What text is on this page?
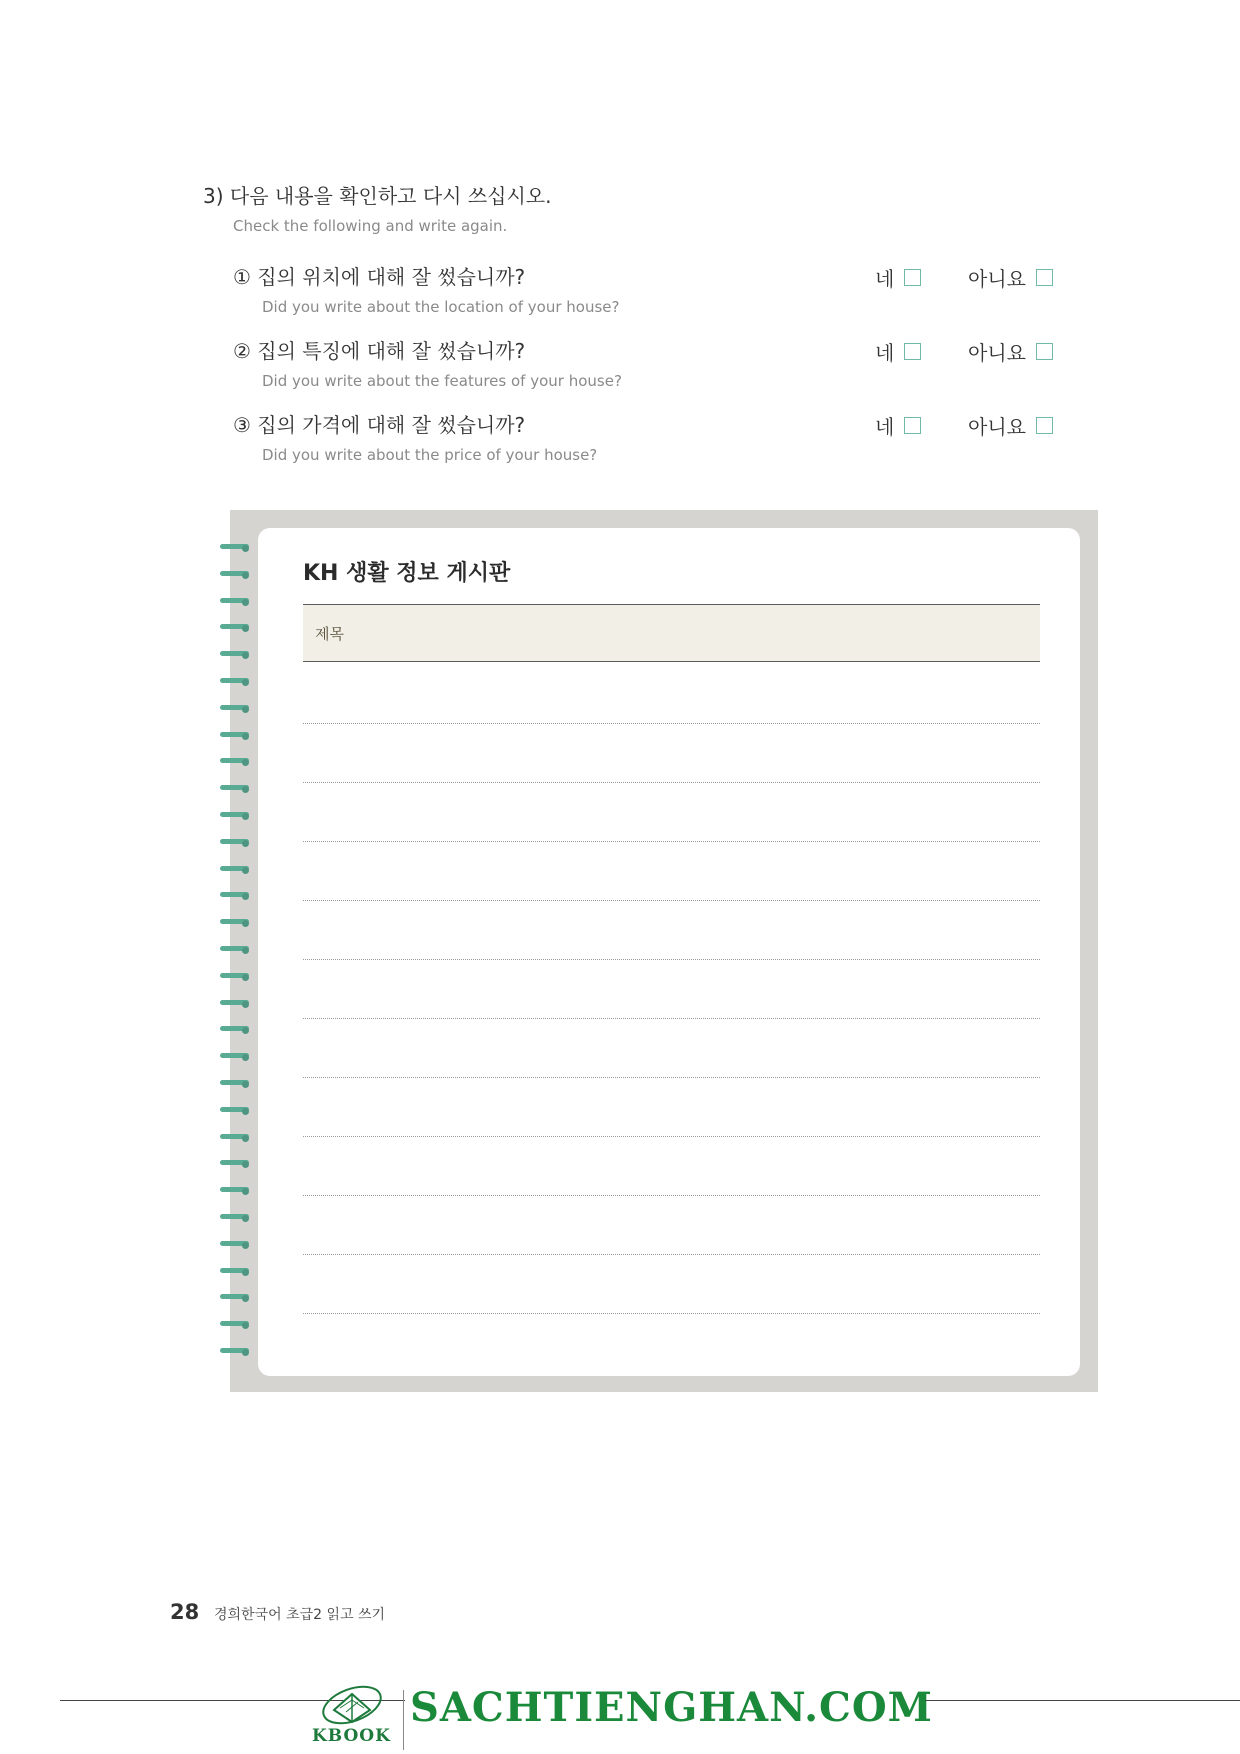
3) 다음 내용을 확인하고 다시 쓰십시오.
Check the following and write again.
① 집의 위치에 대해 잘 썼습니까?
Did you write about the location of your house?
네	아니요
② 집의 특징에 대해 잘 썼습니까?
Did you write about the features of your house?
네	아니요
③ 집의 가격에 대해 잘 썼습니까?
Did you write about the price of your house?
네	아니요
KH 생활 정보 게시판
제목
28 경희한국어 초급2 읽고 쓰기
KBOOK
SACHTIENGHAN.COM
